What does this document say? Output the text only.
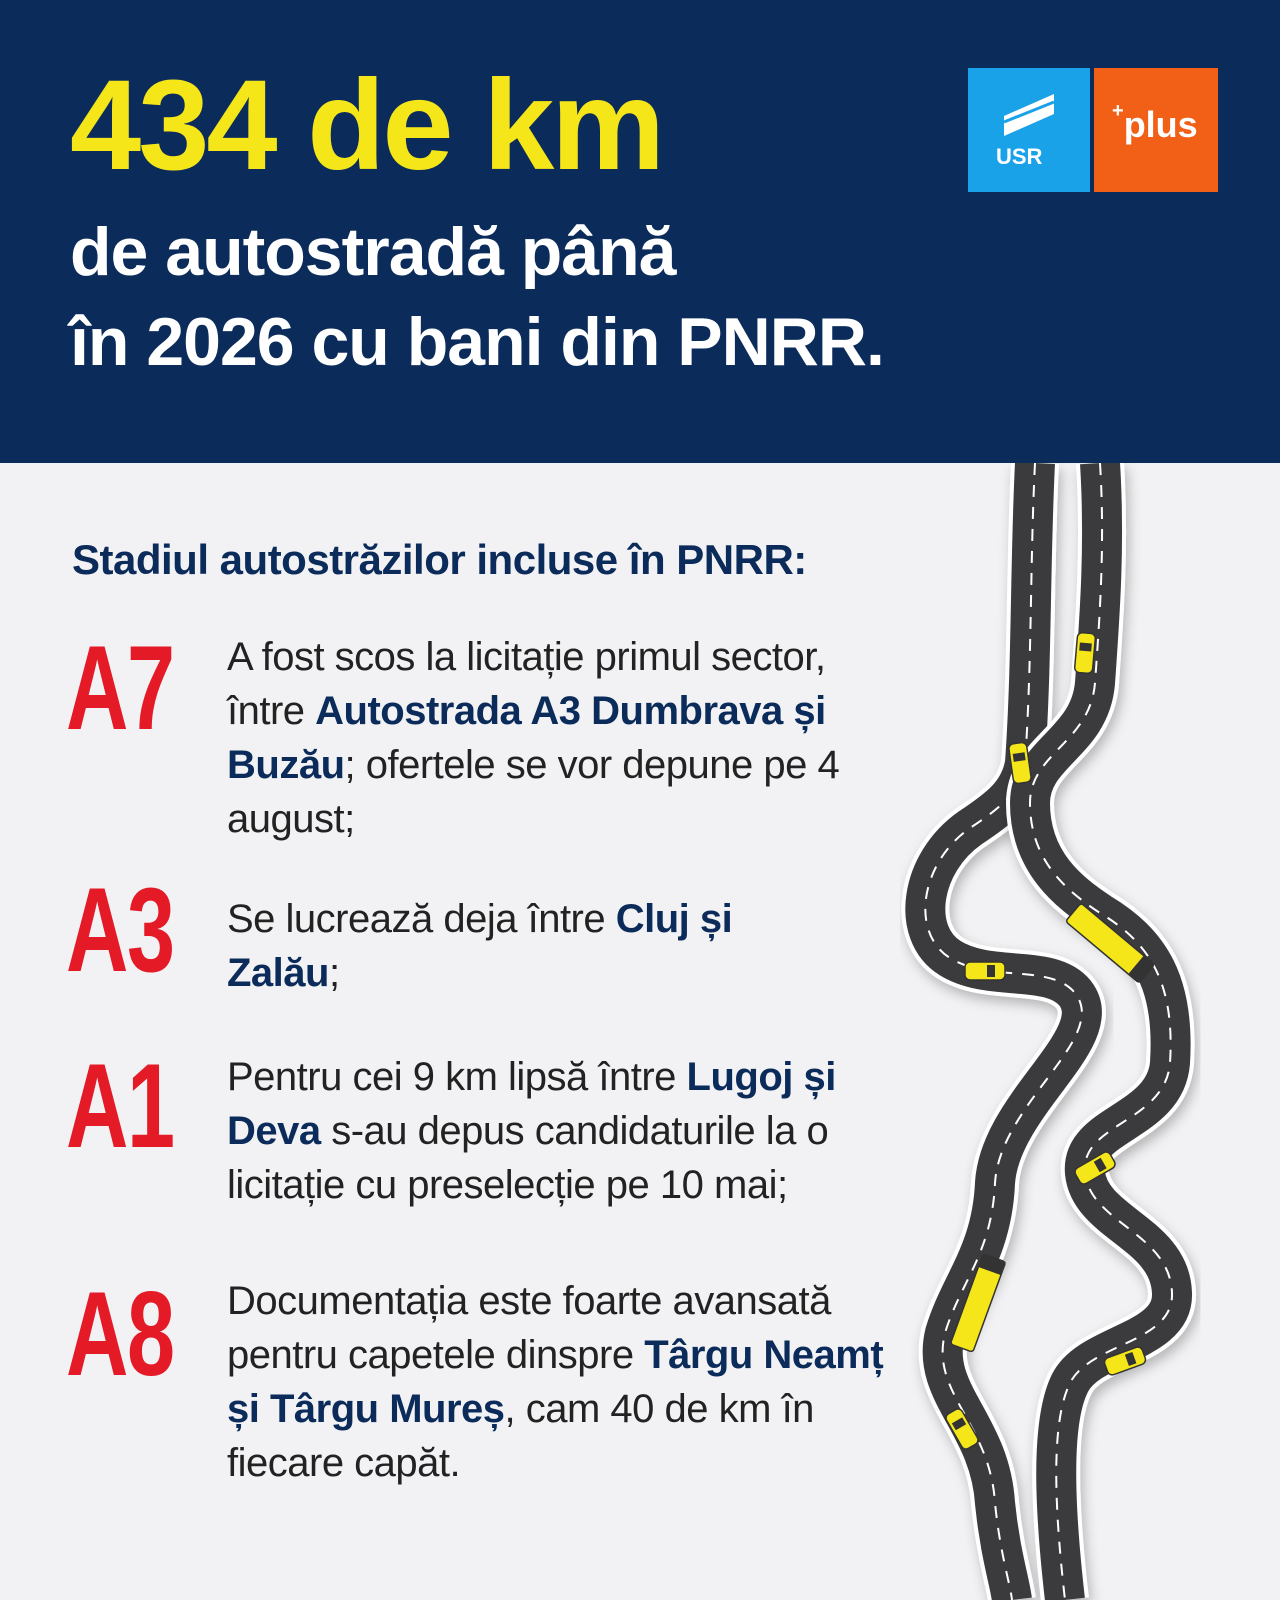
434 de km
de autostradă până
în 2026 cu bani din PNRR.
USR
+plus
Stadiul autostrăzilor incluse în PNRR:
A7 A fost scos la licitație primul sector, între Autostrada A3 Dumbrava și Buzău; ofertele se vor depune pe 4 august;
A3 Se lucrează deja între Cluj și Zalău;
A1 Pentru cei 9 km lipsă între Lugoj și Deva s-au depus candidaturile la o licitație cu preselecție pe 10 mai;
A8 Documentația este foarte avansată pentru capetele dinspre Târgu Neamț și Târgu Mureș, cam 40 de km în fiecare capăt.
